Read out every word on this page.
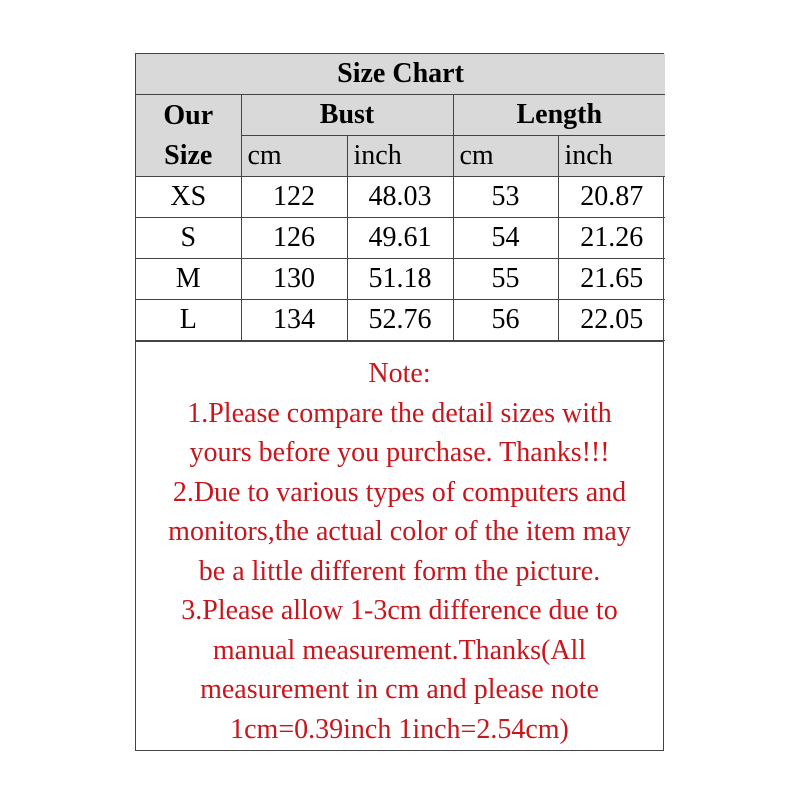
Size Chart				

Our
Size	Bust		Length	
	cm	inch	cm	inch
XS	122	48.03	53	20.87
S	126	49.61	54	21.26
M	130	51.18	55	21.65
L	134	52.76	56	22.05
Note:
1.Please compare the detail sizes with
yours before you purchase. Thanks!!!
2.Due to various types of computers and
monitors,the actual color of the item may
be a little different form the picture.
3.Please allow 1-3cm difference due to
manual measurement.Thanks(All
measurement in cm and please note
1cm=0.39inch 1inch=2.54cm)
